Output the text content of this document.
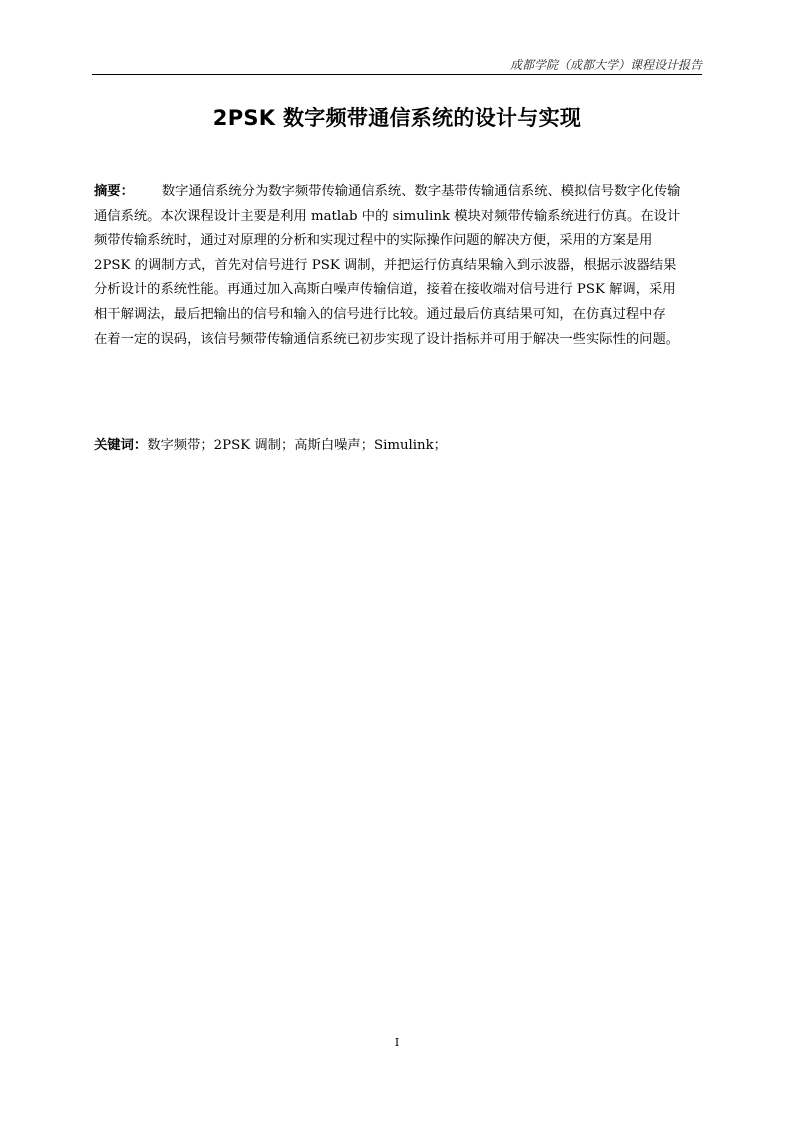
成都学院（成都大学）课程设计报告
2PSK 数字频带通信系统的设计与实现
摘要： 数字通信系统分为数字频带传输通信系统、数字基带传输通信系统、模拟信号数字化传输
通信系统。本次课程设计主要是利用 matlab 中的 simulink 模块对频带传输系统进行仿真。在设计
频带传输系统时，通过对原理的分析和实现过程中的实际操作问题的解决方便，采用的方案是用
2PSK 的调制方式，首先对信号进行 PSK 调制，并把运行仿真结果输入到示波器，根据示波器结果
分析设计的系统性能。再通过加入高斯白噪声传输信道，接着在接收端对信号进行 PSK 解调，采用
相干解调法，最后把输出的信号和输入的信号进行比较。通过最后仿真结果可知，在仿真过程中存
在着一定的误码，该信号频带传输通信系统已初步实现了设计指标并可用于解决一些实际性的问题。
关键词：数字频带；2PSK 调制；高斯白噪声；Simulink；
I
